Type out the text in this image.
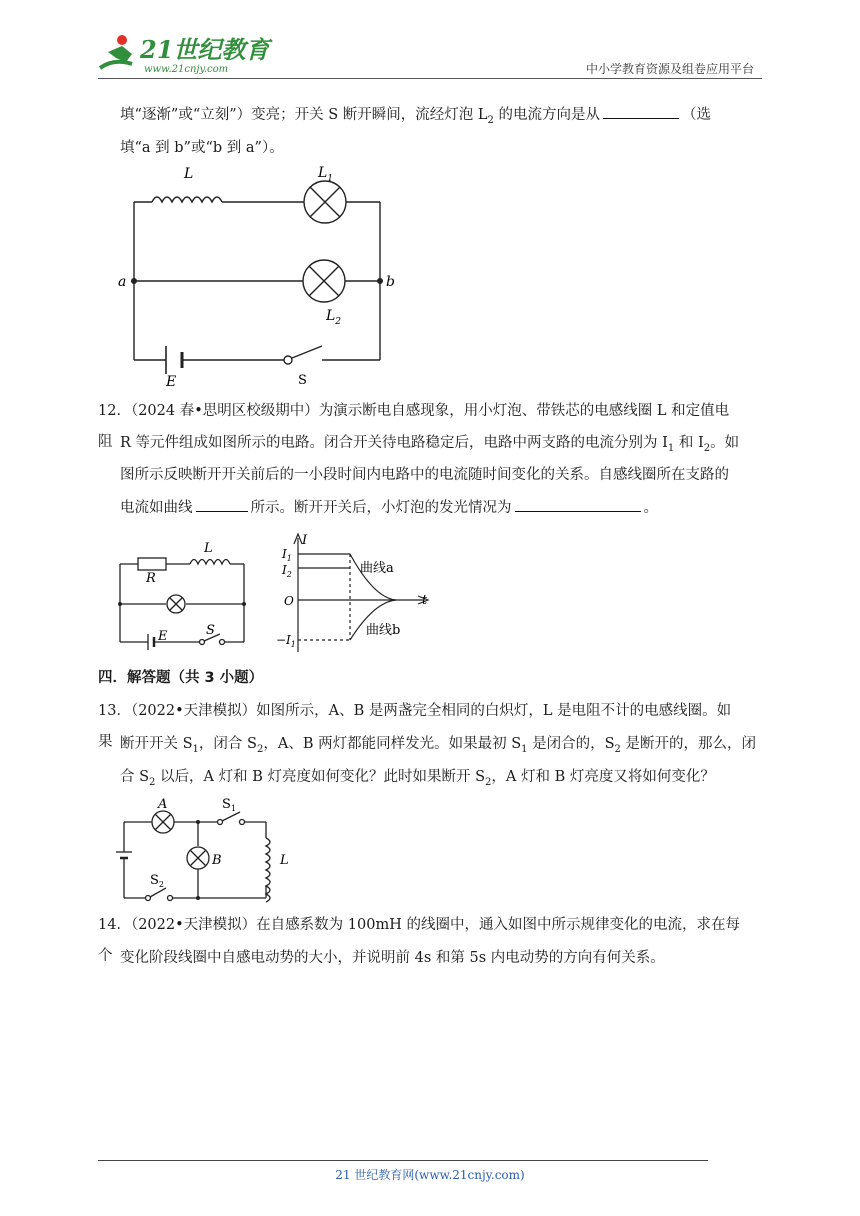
21世纪教育
www.21cnjy.com	中小学教育资源及组卷应用平台
填“逐渐”或“立刻”）变亮；开关 S 断开瞬间，流经灯泡 $L_2$ 的电流方向是从	（选
填“a 到 b”或“b 到 a”）。
L	$L_1$
a	b
$L_2$
E	S
12．（2024 春•思明区校级期中）为演示断电自感现象，用小灯泡、带铁芯的电感线圈 L 和定值电阻 R 等元件组成如图所示的电路。闭合开关待电路稳定后，电路中两支路的电流分别为 $I_1$ 和 $I_2$。如
图所示反映断开开关前后的一小段时间内电路中的电流随时间变化的关系。自感线圈所在支路的
电流如曲线	所示。断开开关后，小灯泡的发光情况为	。
L
R
E	S
I
$I_1$
$I_2$
O
$-I_1$
t
曲线a
曲线b
四．解答题（共 3 小题）
13．（2022•天津模拟）如图所示，A、B 是两盏完全相同的白炽灯，L 是电阻不计的电感线圈。如果 断开开关 $S_1$，闭合 $S_2$，A、B 两灯都能同样发光。如果最初 $S_1$ 是闭合的，$S_2$ 是断开的，那么，闭
合 $S_2$ 以后，A 灯和 B 灯亮度如何变化？此时如果断开 $S_2$，A 灯和 B 灯亮度又将如何变化？
A
B	L
$S_1$
$S_2$
14．（2022•天津模拟）在自感系数为 100mH 的线圈中，通入如图中所示规律变化的电流，求在每个 变化阶段线圈中自感电动势的大小，并说明前 4s 和第 5s 内电动势的方向有何关系。
21 世纪教育网(www.21cnjy.com)
